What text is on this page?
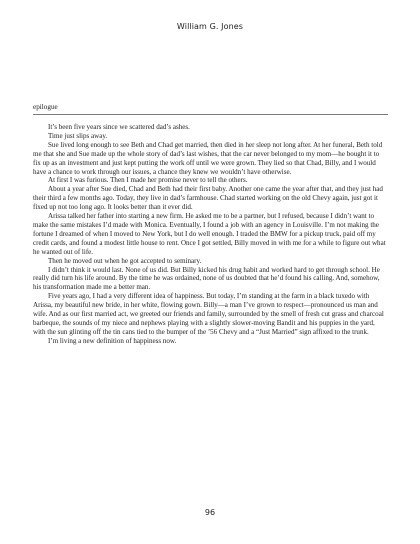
William G. Jones
epilogue

It’s been five years since we scattered dad’s ashes.

Time just slips away.

Sue lived long enough to see Beth and Chad get married, then died in her sleep not long after. At her funeral, Beth told me that she and Sue made up the whole story of dad’s last wishes, that the car never belonged to my mom—he bought it to fix up as an investment and just kept putting the work off until we were grown. They lied so that Chad, Billy, and I would have a chance to work through our issues, a chance they knew we wouldn’t have otherwise.

At first I was furious. Then I made her promise never to tell the others.

About a year after Sue died, Chad and Beth had their first baby. Another one came the year after that, and they just had their third a few months ago. Today, they live in dad’s farmhouse. Chad started working on the old Chevy again, just got it fixed up not too long ago. It looks better than it ever did.

Arissa talked her father into starting a new firm. He asked me to be a partner, but I refused, because I didn’t want to make the same mistakes I’d made with Monica. Eventually, I found a job with an agency in Louisville. I’m not making the fortune I dreamed of when I moved to New York, but I do well enough. I traded the BMW for a pickup truck, paid off my credit cards, and found a modest little house to rent. Once I got settled, Billy moved in with me for a while to figure out what he wanted out of life.

Then he moved out when he got accepted to seminary.

I didn’t think it would last. None of us did. But Billy kicked his drug habit and worked hard to get through school. He really did turn his life around. By the time he was ordained, none of us doubted that he’d found his calling. And, somehow, his transformation made me a better man.

Five years ago, I had a very different idea of happiness. But today, I’m standing at the farm in a black tuxedo with Arissa, my beautiful new bride, in her white, flowing gown. Billy—a man I’ve grown to respect—pronounced us man and wife. And as our first married act, we greeted our friends and family, surrounded by the smell of fresh cut grass and charcoal barbeque, the sounds of my niece and nephews playing with a slightly slower-moving Bandit and his puppies in the yard, with the sun glinting off the tin cans tied to the bumper of the ’56 Chevy and a “Just Married” sign affixed to the trunk.

I’m living a new definition of happiness now.

96
